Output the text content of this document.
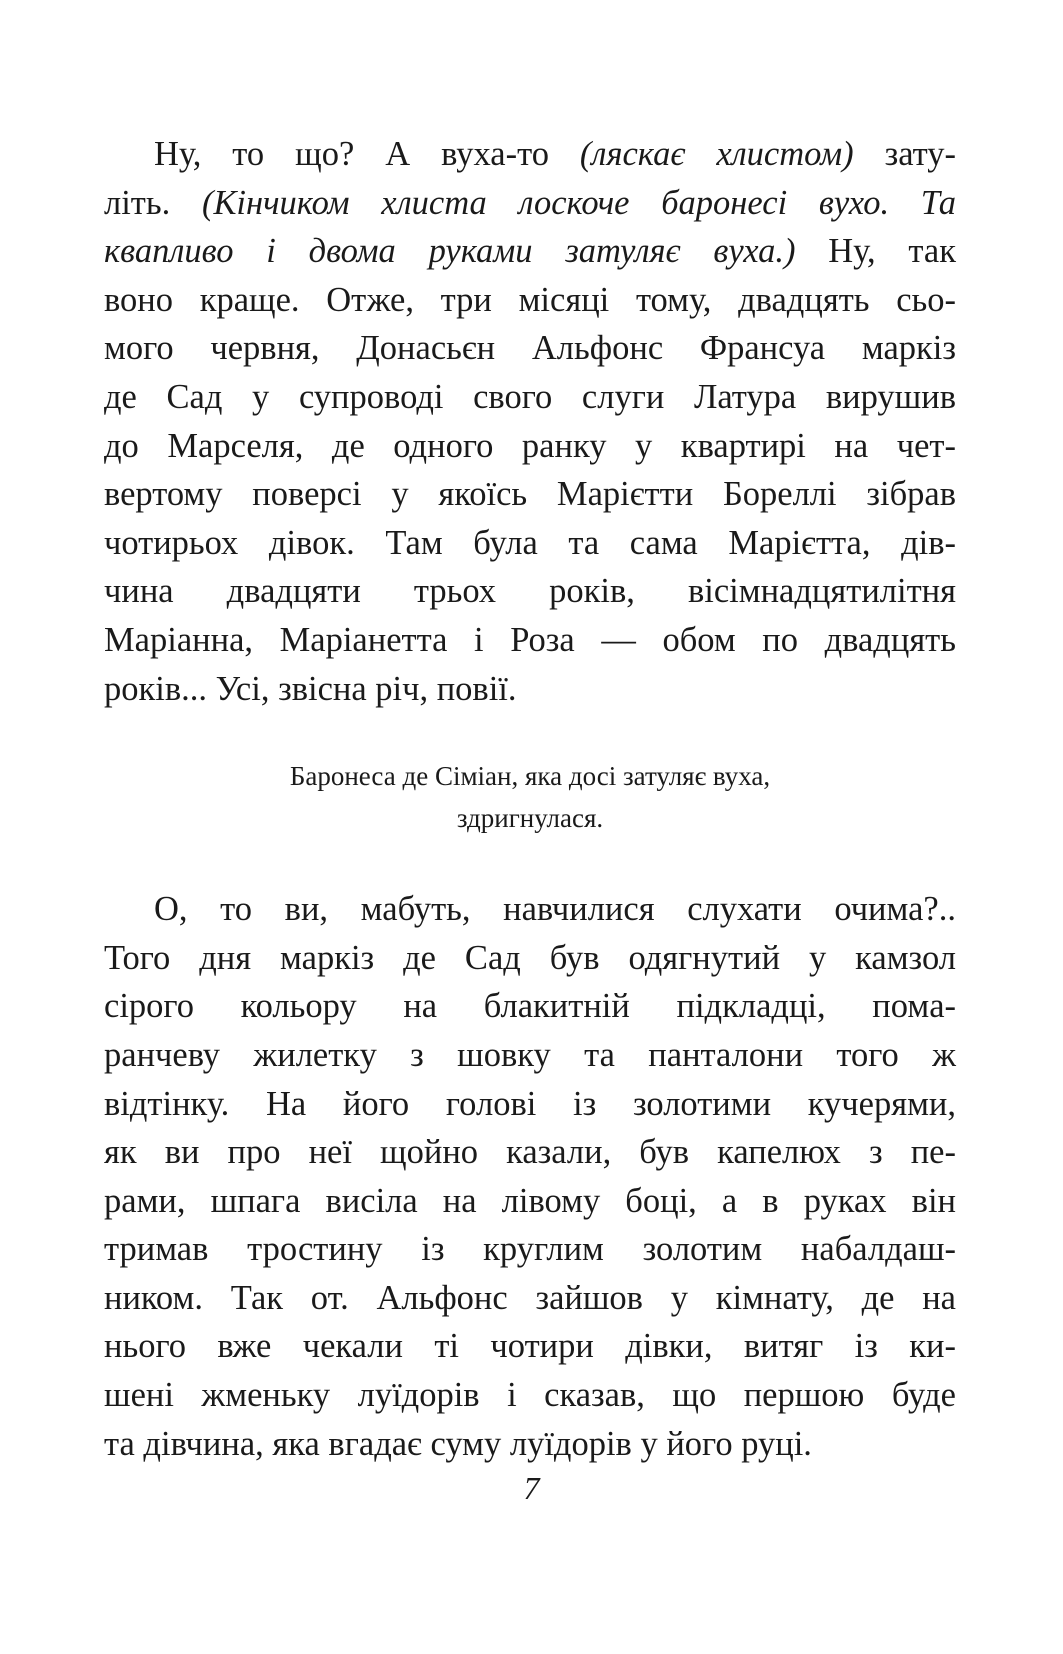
Ну, то що? А вуха-то (ляскає хлистом) зату-
літь. (Кінчиком хлиста лоскоче баронесі вухо. Та
квапливо і двома руками затуляє вуха.) Ну, так
воно краще. Отже, три місяці тому, двадцять сьо-
мого червня, Донасьєн Альфонс Франсуа маркіз
де Сад у супроводі свого слуги Латура вирушив
до Марселя, де одного ранку у квартирі на чет-
вертому поверсі у якоїсь Марієтти Бореллі зібрав
чотирьох дівок. Там була та сама Марієтта, дів-
чина двадцяти трьох років, вісімнадцятилітня
Маріанна, Маріанетта і Роза — обом по двадцять
років... Усі, звісна річ, повії.

Баронеса де Сіміан, яка досі затуляє вуха,
здригнулася.

О, то ви, мабуть, навчилися слухати очима?..
Того дня маркіз де Сад був одягнутий у камзол
сірого кольору на блакитній підкладці, помa-
ранчеву жилетку з шовку та панталони того ж
відтінку. На його голові із золотими кучерями,
як ви про неї щойно казали, був капелюх з пе-
рами, шпага висіла на лівому боці, а в руках він
тримав тростину із круглим золотим набалдаш-
ником. Так от. Альфонс зайшов у кімнату, де на
нього вже чекали ті чотири дівки, витяг із ки-
шені жменьку луїдорів і сказав, що першою буде
та дівчина, яка вгадає суму луїдорів у його руці.

7
